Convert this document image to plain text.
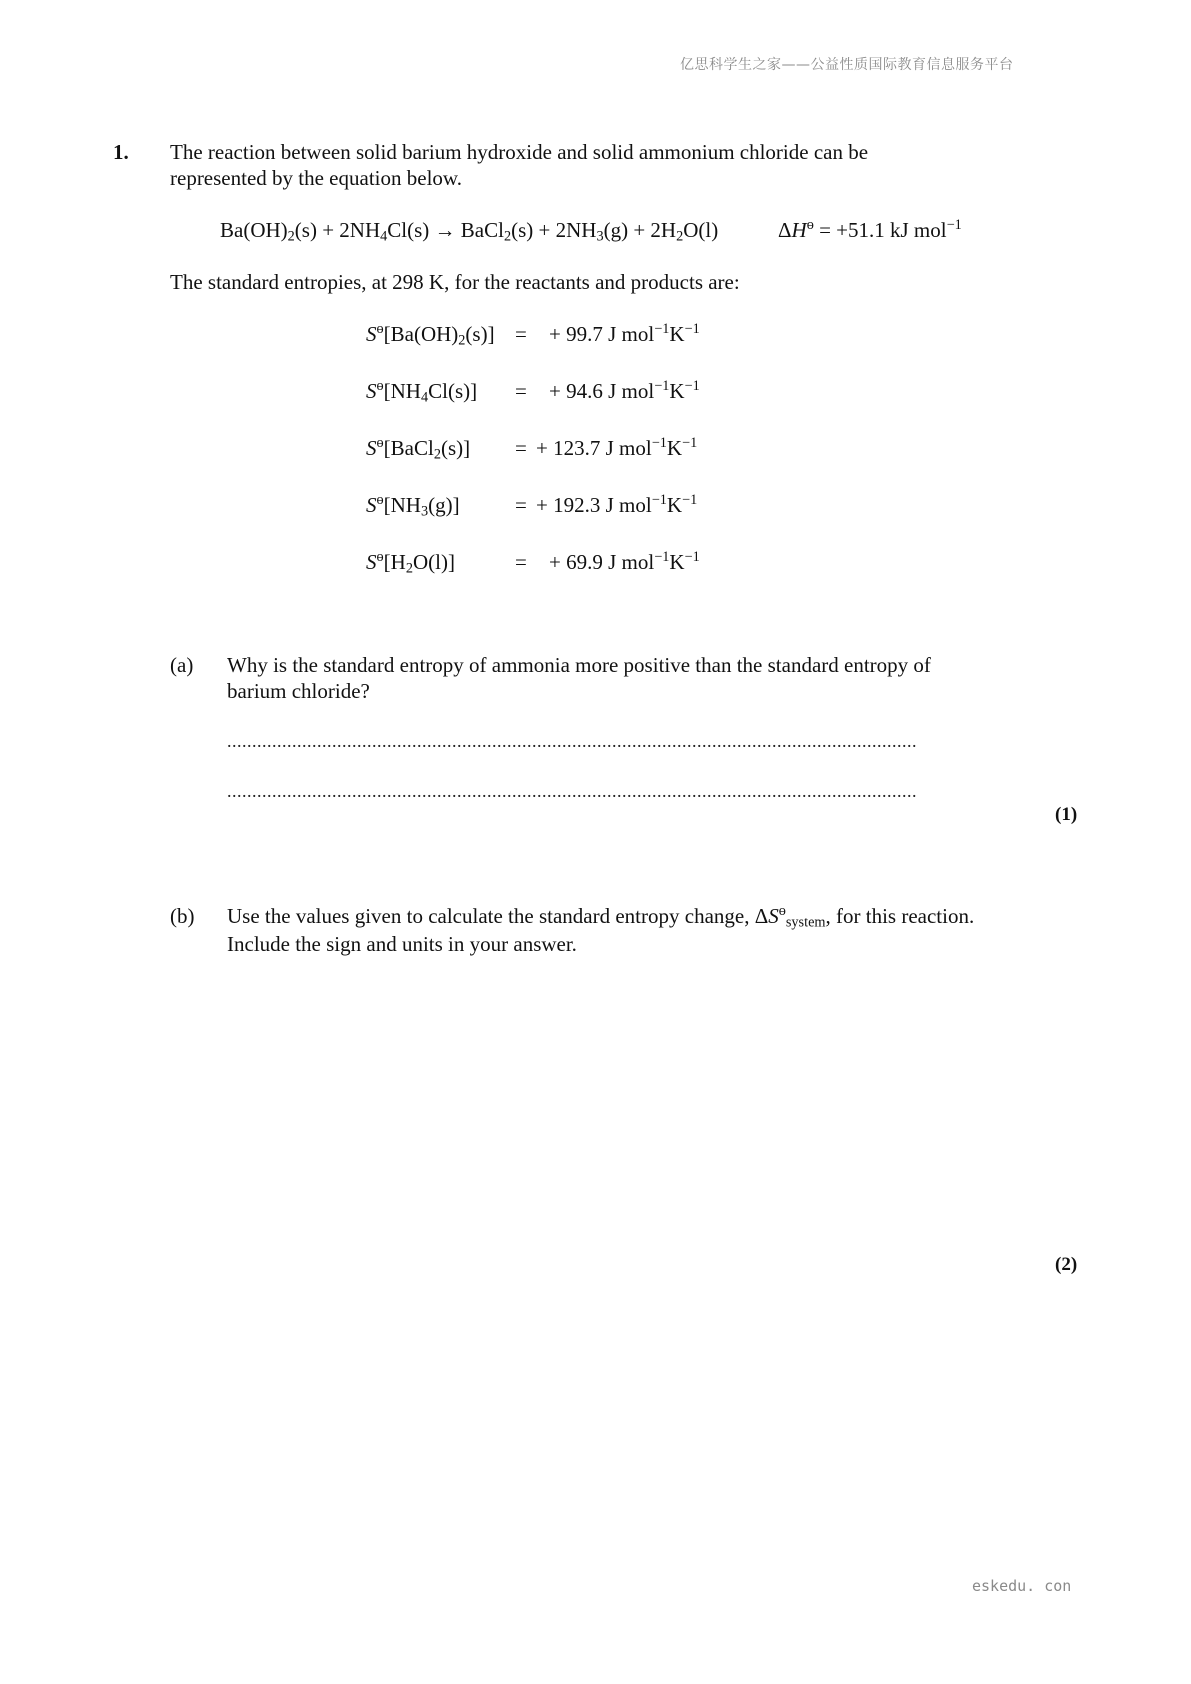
亿思科学生之家——公益性质国际教育信息服务平台
1. The reaction between solid barium hydroxide and solid ammonium chloride can be
represented by the equation below.
$Ba(OH)_2(s) + 2NH_4Cl(s)$ → BaCl$_2$(s) + $2NH_3(g) + 2H_2O(l)$	$\Delta H^ө = +51.1$ kJ mol$^{-1}$
The standard entropies, at 298 K, for the reactants and products are:
$S^ө[Ba(OH)_2(s)]$ = + 99.7 J $mol^{-1}K^{-1}$
$S^ө[NH_4Cl(s)]$ = + 94.6 J $mol^{-1}K^{-1}$
$S^ө[BaCl_2(s)]$ = + 123.7 J $mol^{-1}K^{-1}$
$S^ө[NH_3(g)]$	= + 192.3 J $mol^{-1}K^{-1}$
$S^ө[H_2O(l)]$	= + 69.9 J $mol^{-1}K^{-1}$
(a) Why is the standard entropy of ammonia more positive than the standard entropy of
barium chloride?
..........................................................................................................................................
..........................................................................................................................................
(1)
(b) Use the values given to calculate the standard entropy change, $\Delta S^ө_{system}$, for this reaction.
Include the sign and units in your answer.
(2)
eskedu. con
